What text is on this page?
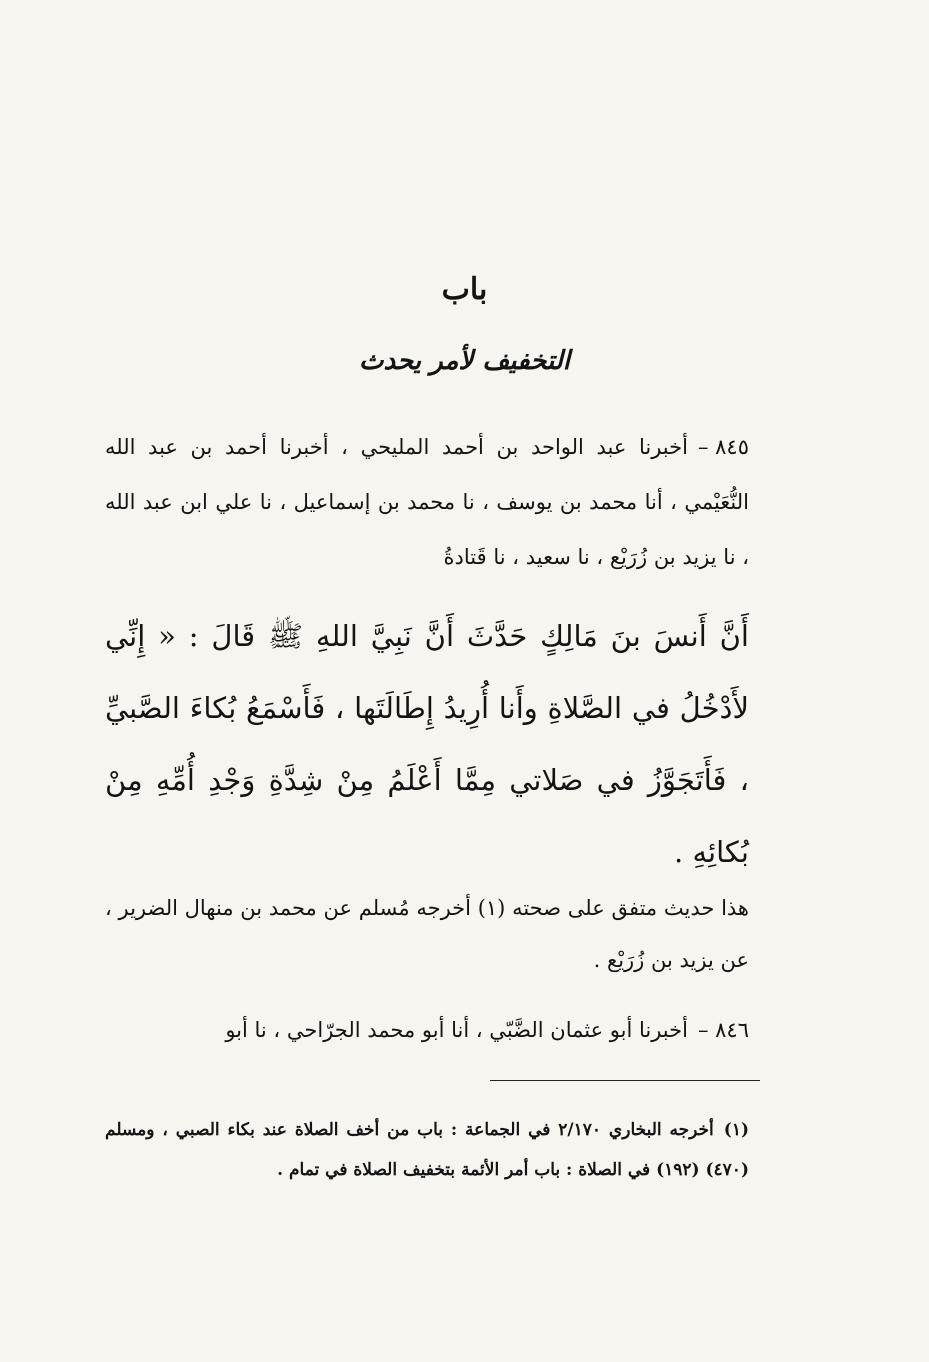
باب
التخفيف لأمر يحدث

٨٤٥ –أخبرنا عبد الواحد بن أحمد المليحي ، أخبرنا أحمد بن عبد الله النُّعَيْمي ، أنا محمد بن يوسف ، نا محمد بن إسماعيل ، نا علي ابن عبد الله ، نا يزيد بن زُرَيْع ، نا سعيد ، نا قَتادةُ

أَنَّ أَنسَ بنَ مَالِكٍ حَدَّثَ أَنَّ نَبِيَّ اللهِ ﷺ قَالَ : « إِنِّي لأَدْخُلُ في الصَّلاةِ وأَنا أُرِيدُ إِطَالَتَها ، فَأَسْمَعُ بُكاءَ الصَّبيِّ ، فَأَتَجَوَّزُ في صَلاتي مِمَّا أَعْلَمُ مِنْ شِدَّةِ وَجْدِ أُمِّهِ مِنْ بُكائِهِ .

هذا حديث متفق على صحته (١) أخرجه مُسلم عن محمد بن منهال الضرير ، عن يزيد بن زُرَيْع .

٨٤٦ –أخبرنا أبو عثمان الضَّبّي ، أنا أبو محمد الجرّاحي ، نا أبو

(١)أخرجه البخاري ٢/١٧٠ في الجماعة : باب من أخف الصلاة عند بكاء الصبي ، ومسلم (٤٧٠) (١٩٢) في الصلاة : باب أمر الأئمة بتخفيف الصلاة في تمام .
